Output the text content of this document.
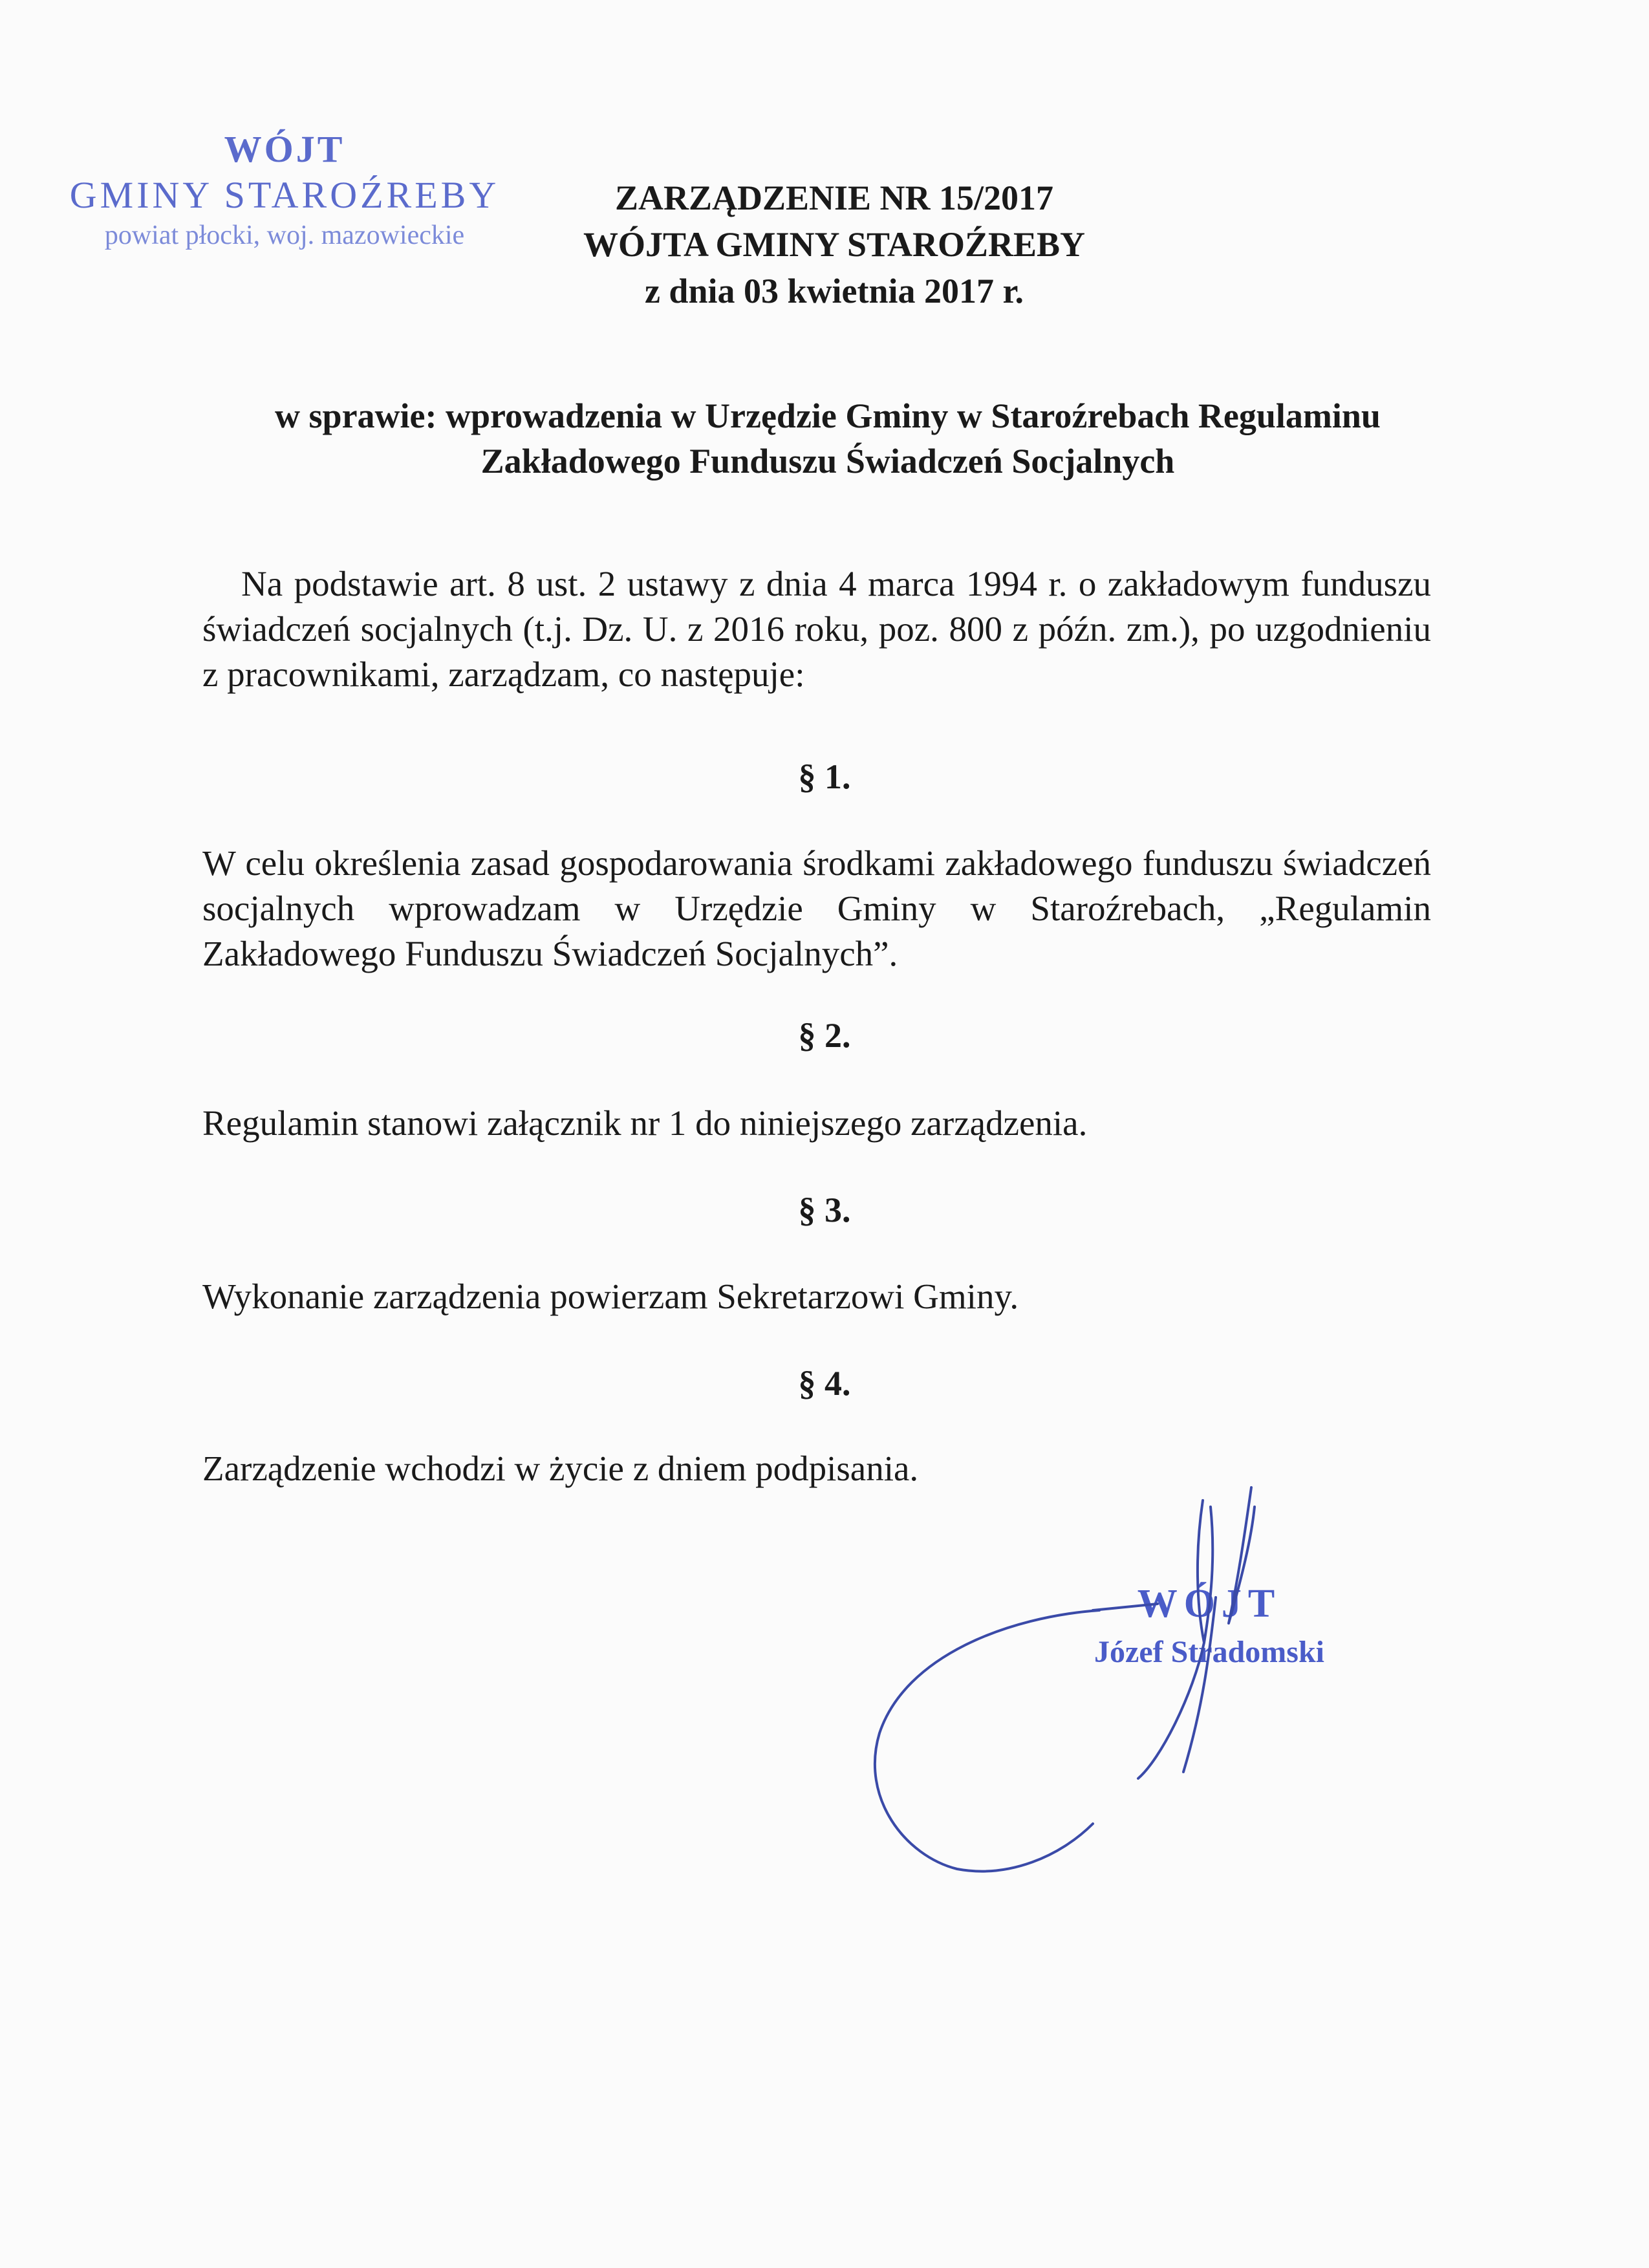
WÓJT
GMINY STAROŹREBY
powiat płocki, woj. mazowieckie
ZARZĄDZENIE NR 15/2017
WÓJTA GMINY STAROŹREBY
z dnia 03 kwietnia 2017 r.
w sprawie: wprowadzenia w Urzędzie Gminy w Staroźrebach Regulaminu
Zakładowego Funduszu Świadczeń Socjalnych
Na podstawie art. 8 ust. 2 ustawy z dnia 4 marca 1994 r. o zakładowym funduszu świadczeń socjalnych (t.j. Dz. U. z 2016 roku, poz. 800 z późn. zm.), po uzgodnieniu z pracownikami, zarządzam, co następuje:
§ 1.
W celu określenia zasad gospodarowania środkami zakładowego funduszu świadczeń socjalnych wprowadzam w Urzędzie Gminy w Staroźrebach, „Regulamin Zakładowego Funduszu Świadczeń Socjalnych”.
§ 2.
Regulamin stanowi załącznik nr 1 do niniejszego zarządzenia.
§ 3.
Wykonanie zarządzenia powierzam Sekretarzowi Gminy.
§ 4.
Zarządzenie wchodzi w życie z dniem podpisania.
WÓJT
Józef Stradomski
